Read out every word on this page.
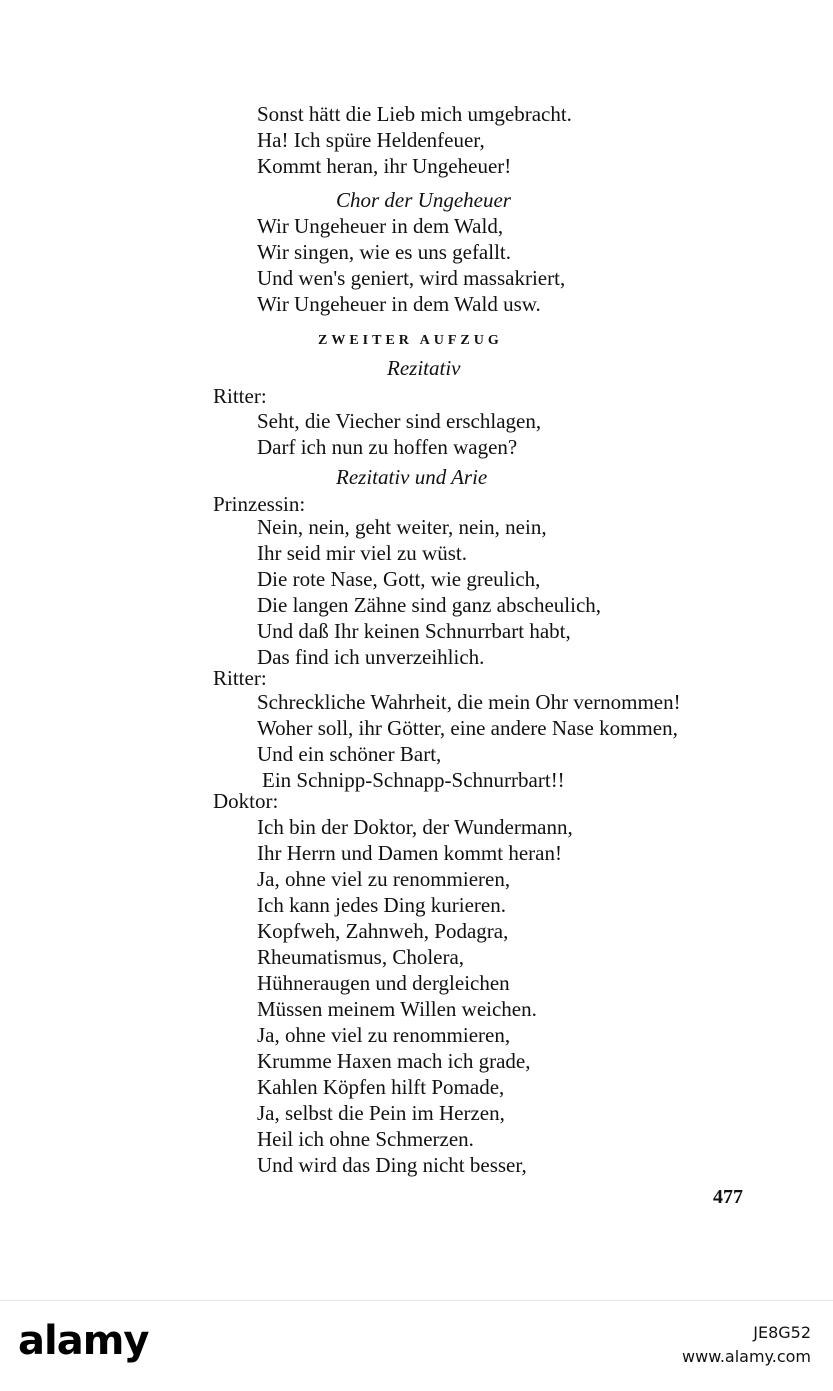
Sonst hätt die Lieb mich umgebracht.
Ha! Ich spüre Heldenfeuer,
Kommt heran, ihr Ungeheuer!
Chor der Ungeheuer
Wir Ungeheuer in dem Wald,
Wir singen, wie es uns gefallt.
Und wen's geniert, wird massakriert,
Wir Ungeheuer in dem Wald usw.
ZWEITER AUFZUG
Rezitativ
Ritter:
Seht, die Viecher sind erschlagen,
Darf ich nun zu hoffen wagen?
Rezitativ und Arie
Prinzessin:
Nein, nein, geht weiter, nein, nein,
Ihr seid mir viel zu wüst.
Die rote Nase, Gott, wie greulich,
Die langen Zähne sind ganz abscheulich,
Und daß Ihr keinen Schnurrbart habt,
Das find ich unverzeihlich.
Ritter:
Schreckliche Wahrheit, die mein Ohr vernommen!
Woher soll, ihr Götter, eine andere Nase kommen,
Und ein schöner Bart,
Ein Schnipp-Schnapp-Schnurrbart!!
Doktor:
Ich bin der Doktor, der Wundermann,
Ihr Herrn und Damen kommt heran!
Ja, ohne viel zu renommieren,
Ich kann jedes Ding kurieren.
Kopfweh, Zahnweh, Podagra,
Rheumatismus, Cholera,
Hühneraugen und dergleichen
Müssen meinem Willen weichen.
Ja, ohne viel zu renommieren,
Krumme Haxen mach ich grade,
Kahlen Köpfen hilft Pomade,
Ja, selbst die Pein im Herzen,
Heil ich ohne Schmerzen.
Und wird das Ding nicht besser,
477
alamy	JE8G52
www.alamy.com
